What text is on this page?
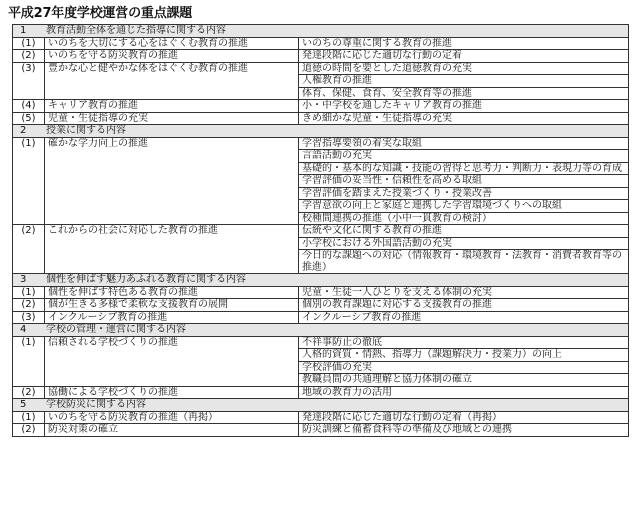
平成27年度学校運営の重点課題
1 教育活動全体を通じた指導に関する内容		
(1)	いのちを大切にする心をはぐくむ教育の推進	いのちの尊重に関する教育の推進
(2)	いのちを守る防災教育の推進	発達段階に応じた適切な行動の定着
(3)	豊かな心と健やかな体をはぐくむ教育の推進	道徳の時間を要とした道徳教育の充実
		人権教育の推進
		体育、保健、食育、安全教育等の推進
(4)	キャリア教育の推進	小・中学校を通したキャリア教育の推進
(5)	児童・生徒指導の充実	きめ細かな児童・生徒指導の充実
2 授業に関する内容		
(1)	確かな学力向上の推進	学習指導要領の着実な取組
		言語活動の充実
		基礎的・基本的な知識・技能の習得と思考力・判断力・表現力等の育成
		学習評価の妥当性・信頼性を高める取組
		学習評価を踏まえた授業づくり・授業改善
		学習意欲の向上と家庭と連携した学習環境づくりへの取組
		校種間連携の推進（小中一貫教育の検討）
(2)	これからの社会に対応した教育の推進	伝統や文化に関する教育の推進
		小学校における外国語活動の充実
		今日的な課題への対応（情報教育・環境教育・法教育・消費者教育等の推進）
3 個性を伸ばす魅力あふれる教育に関する内容		
(1)	個性を伸ばす特色ある教育の推進	児童・生徒一人ひとりを支える体制の充実
(2)	個が生きる多様で柔軟な支援教育の展開	個別の教育課題に対応する支援教育の推進
(3)	インクルーシブ教育の推進	インクルーシブ教育の推進
4 学校の管理・運営に関する内容		
(1)	信頼される学校づくりの推進	不祥事防止の徹底
		人格的資質・情熱、指導力（課題解決力・授業力）の向上
		学校評価の充実
		教職員間の共通理解と協力体制の確立
(2)	協働による学校づくりの推進	地域の教育力の活用
5 学校防災に関する内容		
(1)	いのちを守る防災教育の推進（再掲）	発達段階に応じた適切な行動の定着（再掲）
(2)	防災対策の確立	防災訓練と備蓄食料等の準備及び地域との連携
